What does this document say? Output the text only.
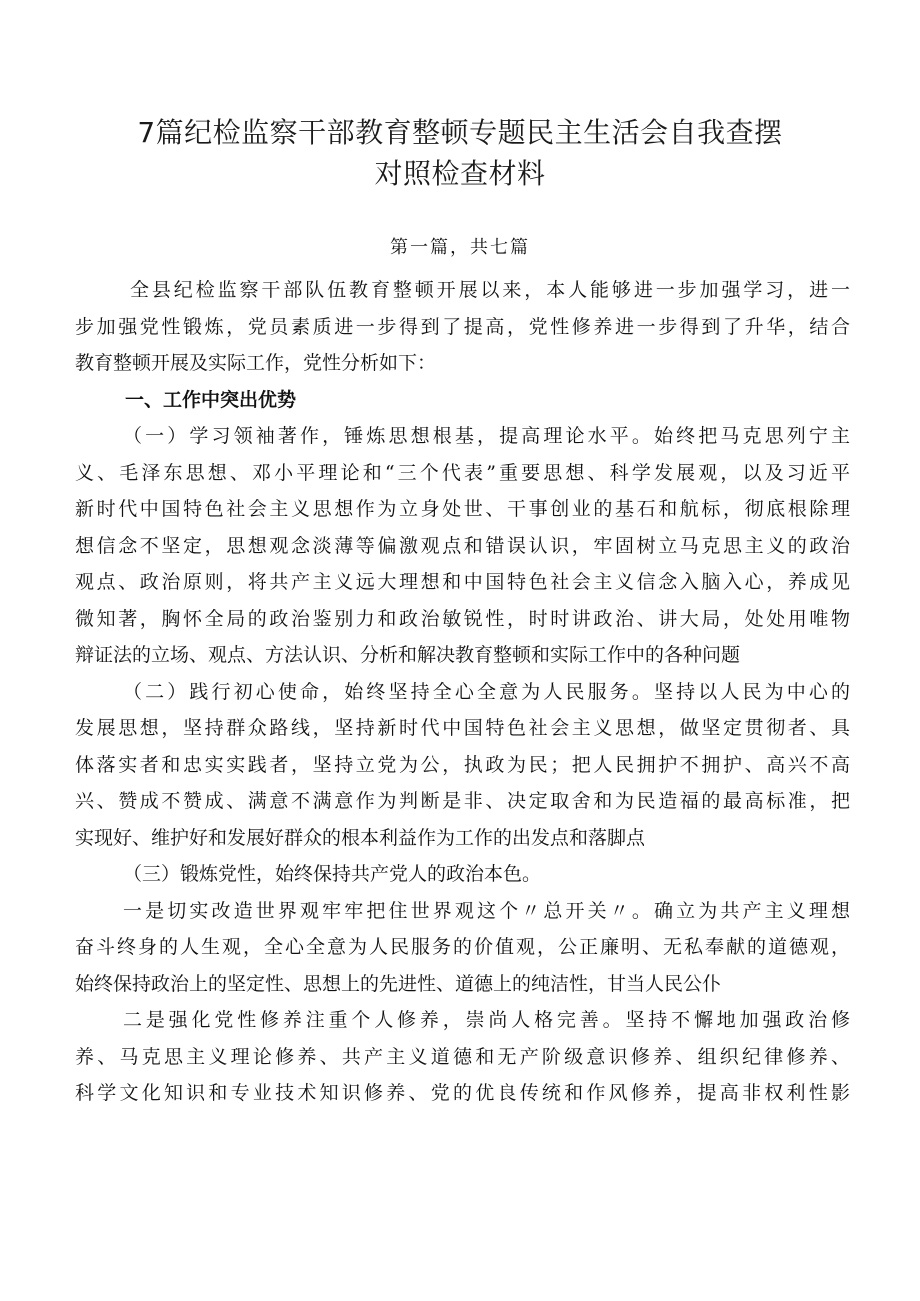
7篇纪检监察干部教育整顿专题民主生活会自我查摆
对照检查材料
第一篇，共七篇
全县纪检监察干部队伍教育整顿开展以来，本人能够进一步加强学习，进一
步加强党性锻炼，党员素质进一步得到了提高，党性修养进一步得到了升华，结合
教育整顿开展及实际工作，党性分析如下：
一、工作中突出优势
（一）学习领袖著作，锤炼思想根基，提高理论水平。始终把马克思列宁主
义、毛泽东思想、邓小平理论和“三个代表”重要思想、科学发展观，以及习近平
新时代中国特色社会主义思想作为立身处世、干事创业的基石和航标，彻底根除理
想信念不坚定，思想观念淡薄等偏激观点和错误认识，牢固树立马克思主义的政治
观点、政治原则，将共产主义远大理想和中国特色社会主义信念入脑入心，养成见
微知著，胸怀全局的政治鉴别力和政治敏锐性，时时讲政治、讲大局，处处用唯物
辩证法的立场、观点、方法认识、分析和解决教育整顿和实际工作中的各种问题
（二）践行初心使命，始终坚持全心全意为人民服务。坚持以人民为中心的
发展思想，坚持群众路线，坚持新时代中国特色社会主义思想，做坚定贯彻者、具
体落实者和忠实实践者，坚持立党为公，执政为民；把人民拥护不拥护、高兴不高
兴、赞成不赞成、满意不满意作为判断是非、决定取舍和为民造福的最高标准，把
实现好、维护好和发展好群众的根本利益作为工作的出发点和落脚点
（三）锻炼党性，始终保持共产党人的政治本色。
一是切实改造世界观牢牢把住世界观这个〃总开关〃。确立为共产主义理想
奋斗终身的人生观，全心全意为人民服务的价值观，公正廉明、无私奉献的道德观，
始终保持政治上的坚定性、思想上的先进性、道德上的纯洁性，甘当人民公仆
二是强化党性修养注重个人修养，崇尚人格完善。坚持不懈地加强政治修
养、马克思主义理论修养、共产主义道德和无产阶级意识修养、组织纪律修养、
科学文化知识和专业技术知识修养、党的优良传统和作风修养，提高非权利性影
